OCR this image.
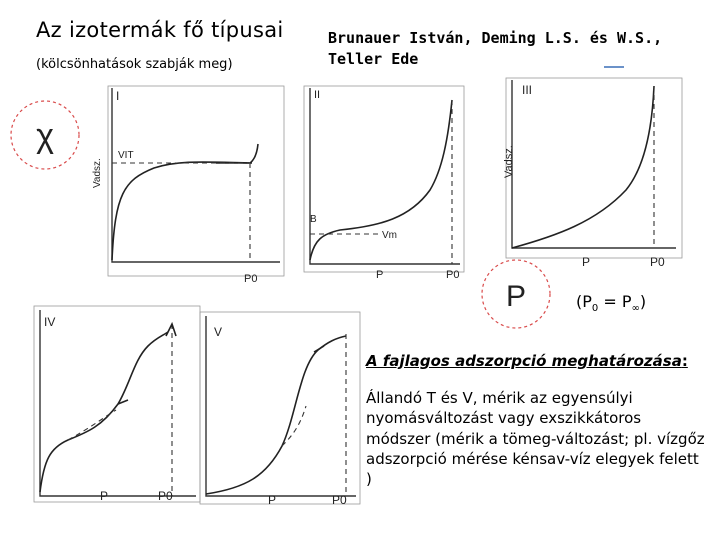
Az izotermák fő típusai
(kölcsönhatások szabják meg)
Brunauer István, Deming L.S. és W.S., Teller Ede
χ
I
VIT
Vadsz.
P0
II
B
Vm
P	P0
III
Vadsz.
P	P0
P	$(P_0 = P_\infty)$
IV
P	P0
V
P	P0
A fajlagos adszorpció meghatározása:
Állandó T és V, mérik az egyensúlyi nyomásváltozást vagy exszikkátoros módszer (mérik a tömeg-változást; pl. vízgőz adszorpció mérése kénsav-víz elegyek felett )
